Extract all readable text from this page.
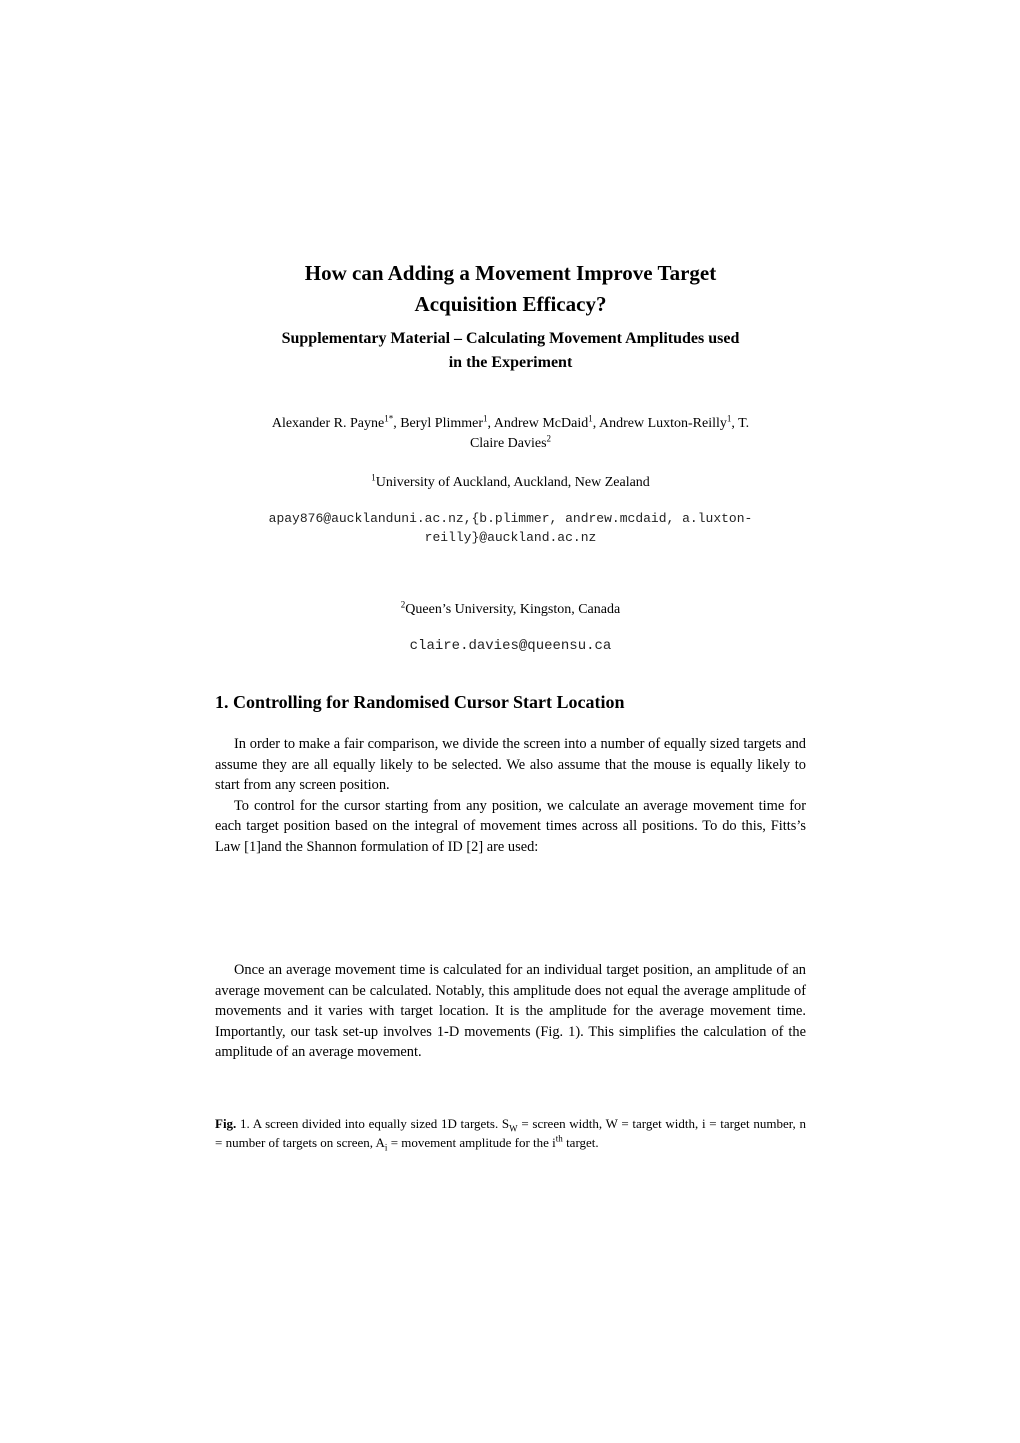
How can Adding a Movement Improve Target
Acquisition Efficacy?
Supplementary Material – Calculating Movement Amplitudes used
in the Experiment
Alexander R. Payne$^{1*}$, Beryl Plimmer$^1$, Andrew McDaid$^1$, Andrew Luxton-Reilly$^1$, T.
Claire Davies$^2$
$^1$University of Auckland, Auckland, New Zealand
apay876@aucklanduni.ac.nz,{b.plimmer, andrew.mcdaid, a.luxton-
reilly}@auckland.ac.nz
$^2$Queen’s University, Kingston, Canada
claire.davies@queensu.ca
1. Controlling for Randomised Cursor Start Location

In order to make a fair comparison, we divide the screen into a number of equally sized targets and assume they are all equally likely to be selected. We also assume that the mouse is equally likely to start from any screen position.

To control for the cursor starting from any position, we calculate an average movement time for each target position based on the integral of movement times across all positions. To do this, Fitts’s Law [1]and the Shannon formulation of ID [2] are used:

Once an average movement time is calculated for an individual target position, an amplitude of an average movement can be calculated. Notably, this amplitude does not equal the average amplitude of movements and it varies with target location. It is the amplitude for the average movement time. Importantly, our task set-up involves 1-D movements (Fig. 1). This simplifies the calculation of the amplitude of an average movement.

Fig. 1. A screen divided into equally sized 1D targets. $S_W$ = screen width, W = target width, i = target number, n = number of targets on screen, $A_i$ = movement amplitude for the $i^{th}$ target.
